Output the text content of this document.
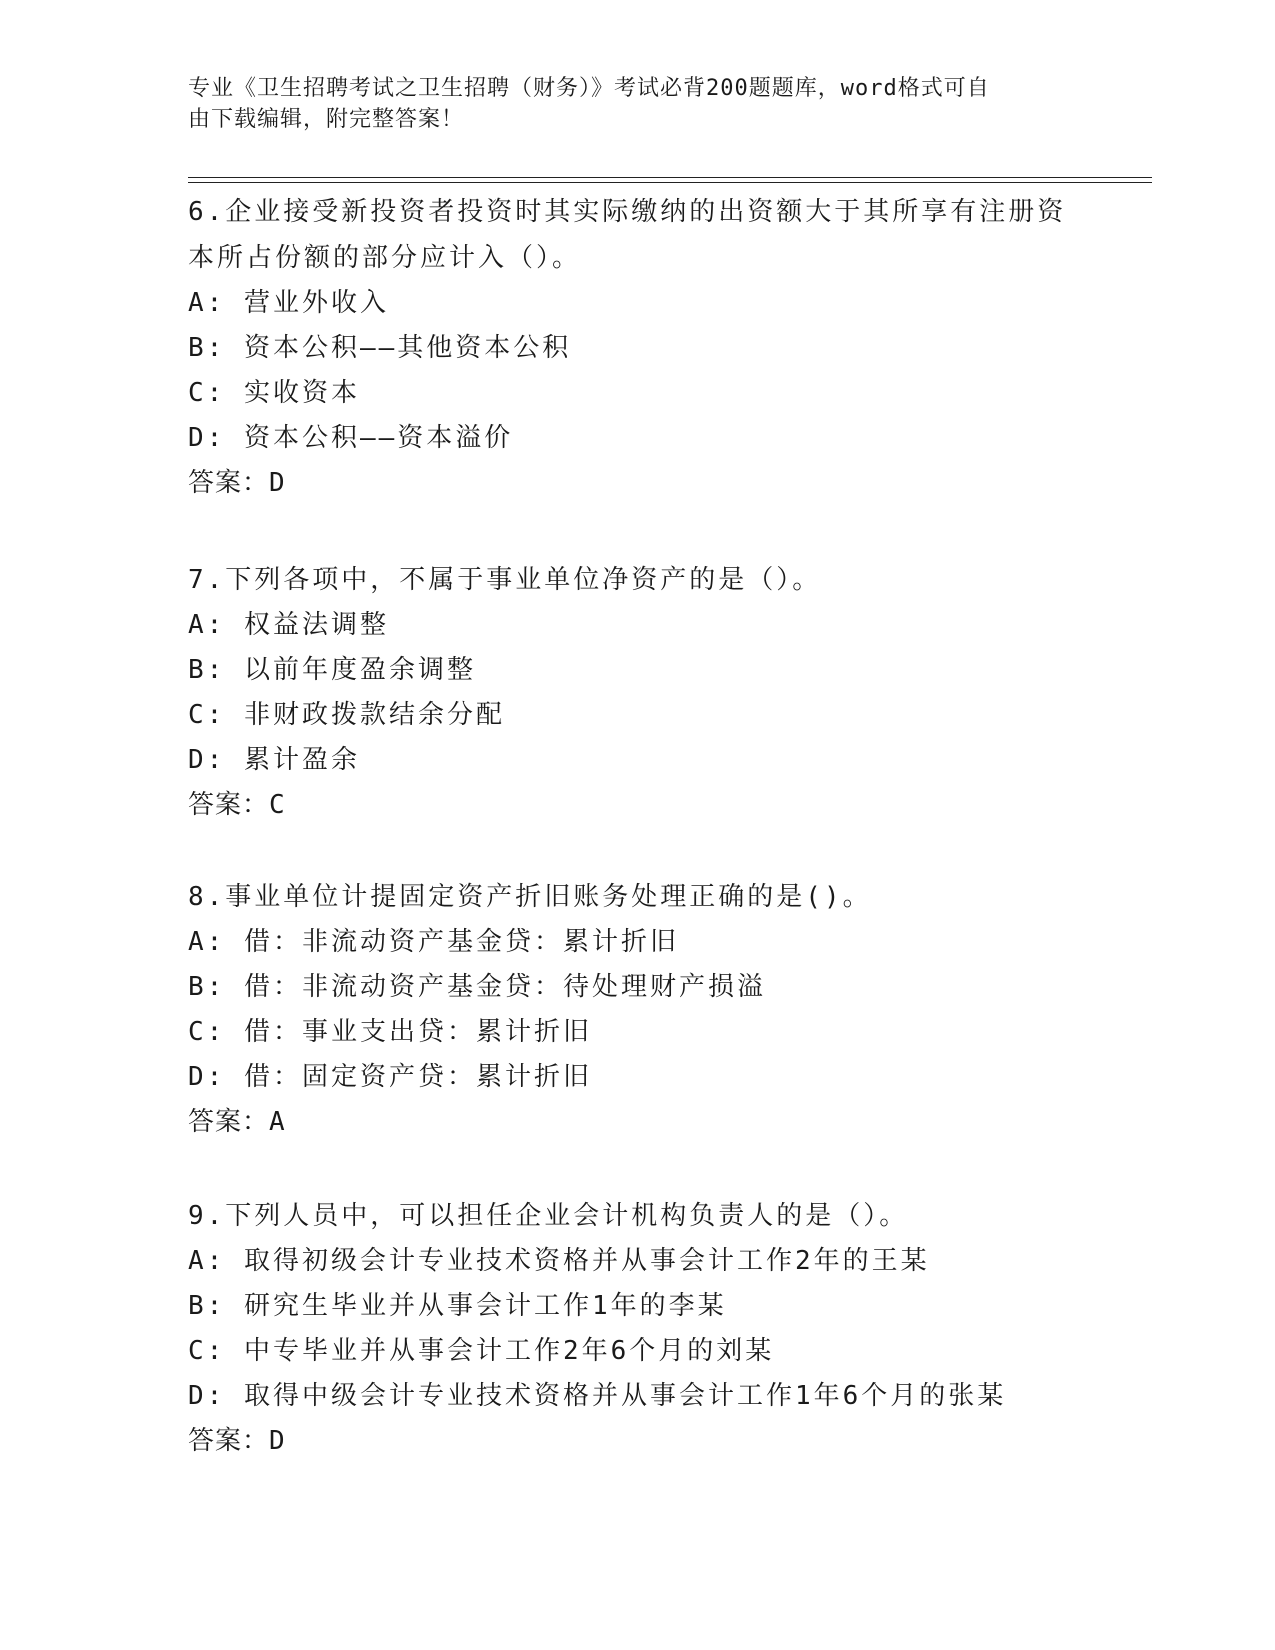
专业《卫生招聘考试之卫生招聘（财务）》考试必背200题题库，word格式可自
由下载编辑，附完整答案！
6.企业接受新投资者投资时其实际缴纳的出资额大于其所享有注册资
本所占份额的部分应计入（）。
A: 营业外收入
B: 资本公积——其他资本公积
C: 实收资本
D: 资本公积——资本溢价
答案：D
7.下列各项中，不属于事业单位净资产的是（）。
A: 权益法调整
B: 以前年度盈余调整
C: 非财政拨款结余分配
D: 累计盈余
答案：C
8.事业单位计提固定资产折旧账务处理正确的是()。
A: 借：非流动资产基金贷：累计折旧
B: 借：非流动资产基金贷：待处理财产损溢
C: 借：事业支出贷：累计折旧
D: 借：固定资产贷：累计折旧
答案：A
9.下列人员中，可以担任企业会计机构负责人的是（）。
A: 取得初级会计专业技术资格并从事会计工作2年的王某
B: 研究生毕业并从事会计工作1年的李某
C: 中专毕业并从事会计工作2年6个月的刘某
D: 取得中级会计专业技术资格并从事会计工作1年6个月的张某
答案：D
